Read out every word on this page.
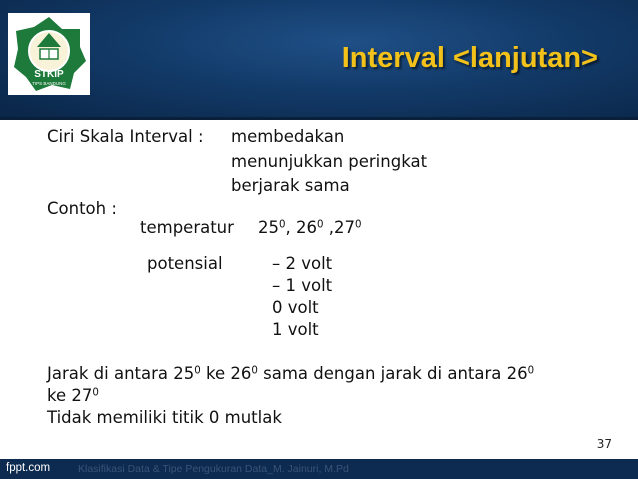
STKIP
TIPS BANDUNG
Interval <lanjutan>
Ciri Skala Interval : membedakan
menunjukkan peringkat
berjarak sama
Contoh :
temperatur $25^0$, $26^0$ $,27^0$
potensial	– 2 volt
– 1 volt
0 volt
1 volt
Jarak di antara $25^0$ ke $26^0$ sama dengan jarak di antara $26^0$
ke $27^0$
Tidak memiliki titik 0 mutlak
37
fppt.com	Klasifikasi Data & Tipe Pengukuran Data_M. Jainuri, M.Pd
